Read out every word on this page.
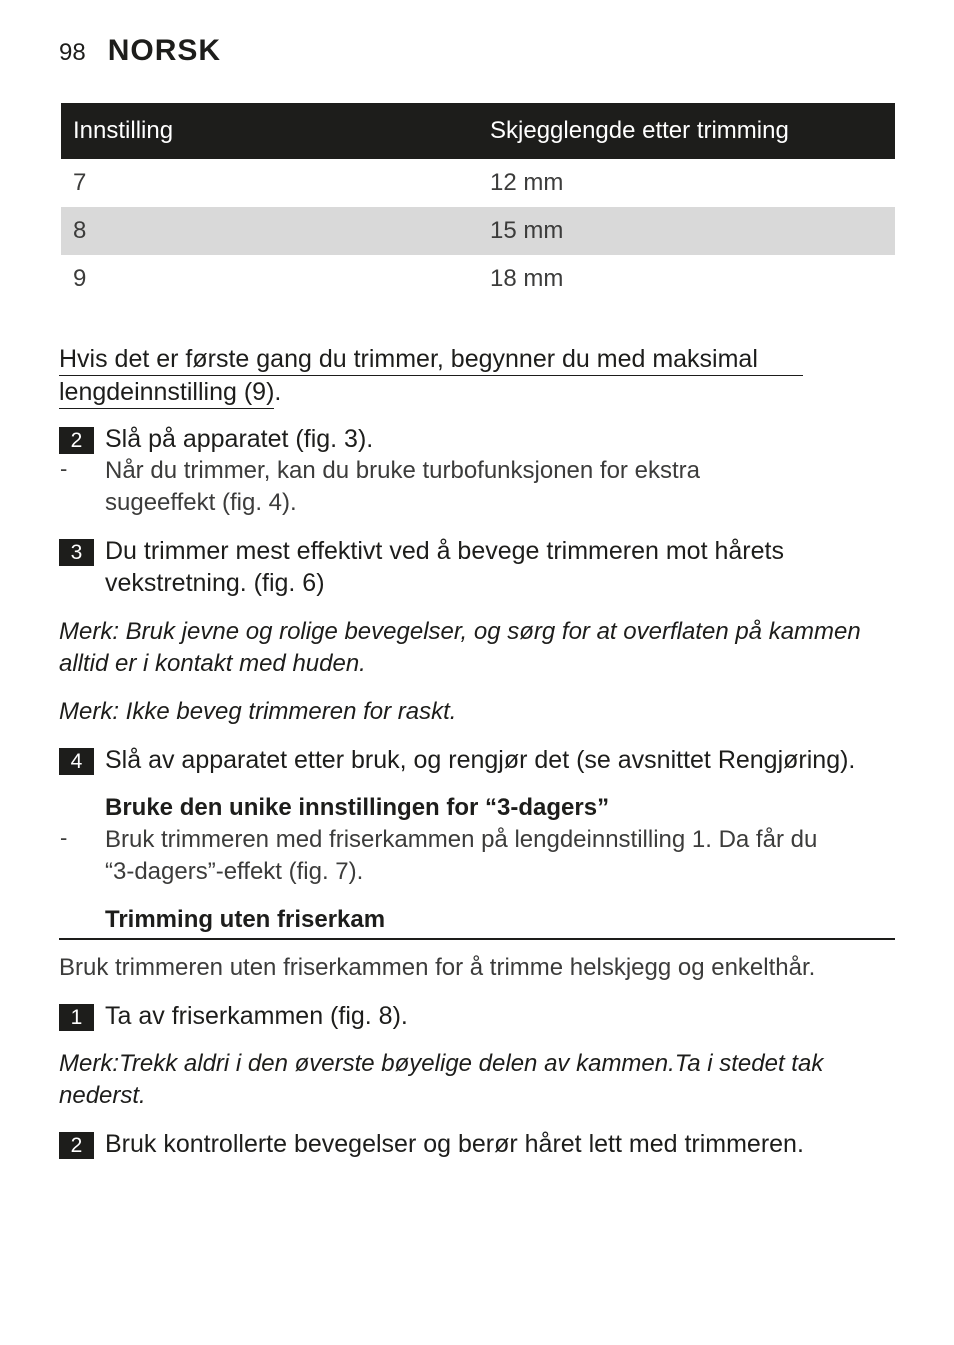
98 NORSK
Innstilling	Skjegglengde etter trimming
7	12 mm
8	15 mm
9	18 mm
Hvis det er første gang du trimmer, begynner du med maksimal
lengdeinnstilling (9).
2 Slå på apparatet (fig. 3).
- Når du trimmer, kan du bruke turbofunksjonen for ekstra
sugeeffekt (fig. 4).
3 Du trimmer mest effektivt ved å bevege trimmeren mot hårets
vekstretning. (fig. 6)
Merk: Bruk jevne og rolige bevegelser, og sørg for at overflaten på kammen
alltid er i kontakt med huden.
Merk: Ikke beveg trimmeren for raskt.
4 Slå av apparatet etter bruk, og rengjør det (se avsnittet Rengjøring).
Bruke den unike innstillingen for “3-dagers”
- Bruk trimmeren med friserkammen på lengdeinnstilling 1. Da får du
“3-dagers”-effekt (fig. 7).
Trimming uten friserkam
Bruk trimmeren uten friserkammen for å trimme helskjegg og enkelthår.
1 Ta av friserkammen (fig. 8).
Merk:Trekk aldri i den øverste bøyelige delen av kammen.Ta i stedet tak
nederst.
2 Bruk kontrollerte bevegelser og berør håret lett med trimmeren.
